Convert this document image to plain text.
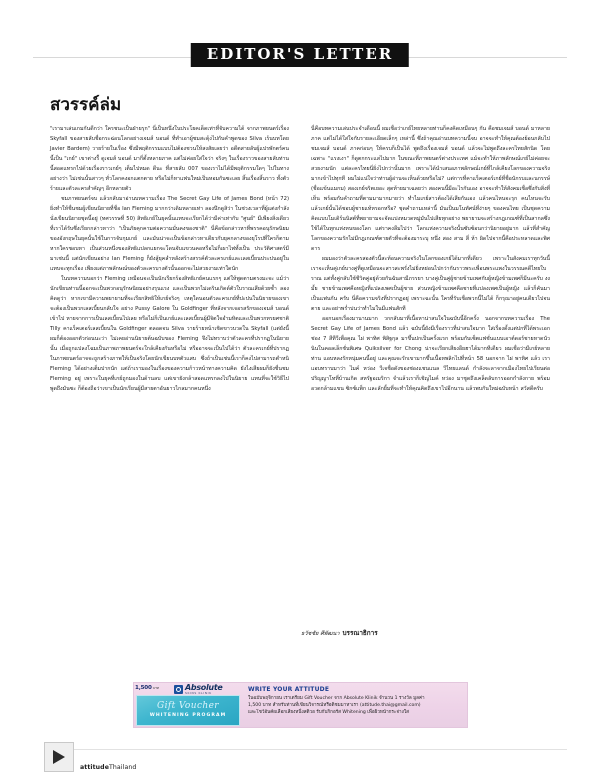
EDITOR'S LETTER
สวรรค์ล่ม

"เรามาเล่นเกมกันดีกว่า ใครชนะเป็นฝ่ายรุก" นี่เป็นหนึ่งในประโยคเด็ดเท่าที่จับความได้ จากภาพยนตร์เรื่อง Skyfall ของสายลับชื่อกระฉ่อนโลกอย่างเจมส์ บอนด์ ที่ทำเอาผู้ชมสะดุ้งไปกับคำพูดของ Silva เร้นบทโดย Javier Bardem) วายร้ายในเรื่อง ซึ่งมีพฤติกรรมแบบไม่ต้องชวนให้สงสัยเลยว่า อดีตสายลับผู้แปรพักตร์คนนี้เป็น "เกย์" เขาต่างรื้ ดูเจมส์ บอนด์ มากี่ตั้งหลายภาค แต่ไม่ค่อยใส่ใจว่า จริงๆ ในเรื่องราวของสายลับท่านนี้สอดแทรกไปด้วยเรื่องราวเกย์ๆ เต็มไปหมด ดีนะ ที่สายลับ 007 ของเราไม่ได้มีพฤติกรรมใดๆ ไปในทางอย่างว่า ไม่เช่นนั้นสาวๆ ทั่วโลกคงอกแตกตาย หรือไม่ก็หาแฟนใหม่เป็นหอมกันซะเลย สิ้นเรื่องสิ้นราว ทั้งตัวร้ายและตัวละครสำคัญๆ อีกหลายตัว

ชมภาพยนตร์จบ แล้วกลับมาอ่านบทความเรื่อง The Secret Gay Life of James Bond (หน้า 72) ยิ่งทำให้ชื่นชมผู้เขียนนิยายที่ชื่อ Ian Fleming มากกว่าเดิมหลายเท่า ลองนึกดูสิว่า ในช่วงเวลาที่ผู้แต่งกำลังนั่งเขียนนิยายชุดนี้อยู่ (ทศวรรษที่ 50) สิทธิเกย์ในยุคนั้นแทบจะเรียกได้ว่ามีค่าเท่ากับ "ศูนย์" มีเพียงสิ่งเดียวที่เราได้รับซึ่งเรียกกล่าวหาว่า "เป็นภัยคุกคามต่อความมั่นคงของชาติ" นี่คือข้อกล่าวหาที่พรรคอนุรักษนิยมของอังกฤษในยุคนั้นใช้ในการจับกุมเกย์ และมันน่าจะเป็นข้อกล่าวหาเดียวกับยุคกลางของยุโรปที่ใครก็ตามหากใครชอบหา เป็นส่วนหนึ่งของลัทธิแปลกแยกจะโดนจับแขวนคอหรือไม่ก็เผาไฟทั้งเป็น ประวัติศาสตร์มีมาเช่นนี้ แต่นักเขียนอย่าง Ian Fleming ก็ยังสู้ยุคลำหลังสร้างสรรค์ตัวละครเกย์และเลสเบี้ยนประปนอยู่ในแทบจะทุกเรื่อง เพียงแต่ภาพลักษณ์ของตัวละครบางตัวนั้นออกจะไม่สวยงามเท่าใดนัก

ในบทความบอกว่า Fleming เหมือนจะเป็นนักเรียกร้องสิทธิเกย์คนแรกๆ แต่ให้พูดตามตรงมะจะ แม้ว่านักเขียนท่านนี้ออกจะเป็นพวกอนุรักษนิยมอย่างรุนแรง และเป็นพวกไม่เดรินเกิดด์ตัวใบราณเสียด้วยซ้ำ ลองคิดดูว่า หากเขามีความพยายามที่จะเรียกสิทธิให้เกย์จริงๆ เหตุใดนอนตัวละครเกย์ที่ปะปนในนิยายของเขาจะต้องเป็นพวกเลสเบี้ยนกลับใจ อย่าง Pussy Galore ใน Goldfinger ที่หลังจากเจอรสรักของเจมส์ บอนด์ เข้าไป หายจากการเป็นเลสเบี้ยนไปเลย หรือไม่ก็เป็นเกย์และเลสเบี้ยนผู้มีจิตใจอำมหิตและเป็นพวกทรยศชาติ Tilly คาแร็คเตอร์เลสเบี้ยนใน Goldfinger ตลอดจน Silva วายร้ายหน้าเชิดขาวบวดใน Skyfall (แต่ยังนี้ผมก็ต้องออกตัวก่อนนะว่า ไม่เคยอ่านนิยายต้นฉบับของ Fleming จึงไม่ทราบว่าตัวละครที่ปรากฏในนิยายนั้น เมื่อถูกแปลงโฉมเป็นภาพภาพยนตร์จะใกล้เคียงกันหรือไม่ หรืออาจจะเป็นไปได้ว่า ตัวละครเกย์ที่ปรากฏในภาพยนตร์อาจจะถูกสร้างภาพให้เป็นจริงโดยนักเขียนบทตัวแสบ ซึ่งถ้าเป็นเช่นนี้เราก็คงไปสามารถตำหนิ Fleming ได้อย่างเต็มปากนัก แต่ถ้าเรามองในเรื่องของความก้าวหน้าทางความคิด ยังไงเสียผมก็ยังชื่นชม Fleming อยู่ เพราะในยุคที่เกย์ถูกมองในด้านลบ แต่เขายังกล้าสอดแทรกลงไปในนิยาย แทนที่จะใช้วิธีไปพูดถึงมันซะ ก็ต้องถือว่าเขาเป็นนักเรียนผู้มีสายตาอันยาวไกลมากคนหนึ่ง

นี่คือบทความเล่นประจำเดือนนี้ ผมเชื่อว่าเกย์ไทยหลายท่านก็คงคิดเหมือนๆ กัน คือชมเจมส์ บอนด์ มาหลายภาค แต่ไม่ได้ใส่ใจกับรายละเอียดเล็กๆ เหล่านี้ ซึ่งถ้าคุณอ่านบทความนี้จบ อาจจะทำให้คุณต้องย้อนกลับไปชมเจมส์ บอนด์ ภาคก่อนๆ ให้ครบก็เป็นได้ พูดถึงเรื่องเจมส์ บอนด์ แล้วจะไม่พูดถึงละครไทยสักนิด โดยเฉพาะ "แรงเงา" ก็ดูตกกระแสไปมาก ในขณะที่ภาพยนตร์ต่างประเทศ แม้จะทำให้ภาพลักษณ์เกย์ไม่ค่อยจะสวยงามนัก แต่ละครไทยนี่ยิ่งไปกว่านั้นมาก เพราะได้นำเสนอภาพลักษณ์เกย์ที่ไกล้เคียงโลกของความจริงมากเข้าไปทุกที ผมไม่แน่ใจว่าท่านผู้อ่านจะเห็นด้วยหรือไม่? แต่การที่คาแร็คเตอร์เกย์ที่ชื่อนักรบและนกรรษ์ (ชื่อแข้นแมกม) สองเกย์จริตเยอะ สุดท้ายมาเฉลยว่า สองคนนี้มีอะไรกันเอง อาจจะทำให้สังคมเชื่อซึ่งกับสิ่งที่เห็น พร้อมกับคำถามที่ตามมามากมายว่า ทำไมเกย์สาวต้องได้เสียกันเอง แล้วคนไหนจะรุก คนไหนจะรับ แล้วเกย์นั้นได้ชอบผู้ชายแท้หรอกหรือ? ชุดคำถามเหล่านี้ มันเป็นมโนทัศน์ที่ง่ายๆ ของคนไทย เป็นชุดความคิดแบบโมเดิร์นนิสต์ที่พยายามจะจัดแบ่งหมวดหมู่มันไปเสียทุกอย่าง พยายามจะสร้างกฎเกณฑ์ที่เป็นสากลซึ่งใช้ได้ในทุกแห่งหนของโลก แต่ราคงลืมไปว่า โลกแห่งความจริงนั้นซับซ้อนกว่านิยายอยู่มาก แล้วที่สำคัญโลกของความรักไม่มีกฎเกณฑ์ตายตัวที่จะต้องมาระบุ หนึ่ง สอง สาม สี่ ห้า ผิดไปจากนี้คือประหลาดและพิศดาร

ผมมองว่าตัวละครสองตัวนี้สะท้อนความจริงในโลกของเกย์ได้มากที่เดียว เพราะในสังคมเราทุกวันนี้ เราจะเห็นคู่เกย์บางคู่ที่ดูเหมือนจะสาวสะพรั่งไม่ยิ่งหย่อนไปกว่ากันราวพระเพื่อนพระแพงในวรรณคดีไทยใบราณ แต่ทั้งคู่กลับใช้ชีวิตคู่อยู่ด้วยกันฉันสามีภรรยา บางคู่เป็นคู่ผู้ชายข้ามเพศกับผู้หญิงข้ามเพศก็มีนะครับ งงมั้ย ชายข้ามเพศคือหญิงที่แปลงเพศเป็นผู้ชาย ส่วนหญิงข้ามเพศคือชายที่แปลงเพศเป็นผู้หญิง แล้วก็คันมาเป็นแฟนกัน ครับ นี่คือความจริงที่ปรากฏอยู่ เพราะฉะนั้น ใครที่รับเชื่อพวกนี้ไม่ได้ ก็กรุณาอยู่คนเดียวไปจนตาย และอย่าพร่ำบ่นว่าทำไมในมีแฟนสักที

ออกนอกเรื่องมานานมาก วกกลับมาที่เนื้อหาน่าสนใจในฉบับนี้อีกครั้ง นอกจากบทความเรื่อง The Secret Gay Life of James Bond แล้ว ฉบับนี้ยังมีเรื่องราวที่น่าสนใจมาก ใส่เรื่องดั้งแต่ปกที่ได้พระเอกช่อง 7 สีทีวีเพื่อคุณ ไผ่ พาทิศ พิสิฐกุล มาขึ้นปกเป็นครั้งแรก พร้อมกับเซ็ตแฟชั่นแบบเอาต์ดอร์ชายหาดนัวนินในคอลเล็กชั่นพิเศษ Quiksilver for Chong น่าจะเรียกเสียงอืยฮาได้มากทีเดียว ผมเชื่อว่ามีเกย์หลายท่าน แอบหลงรักหนุ่มคนนี้อยู่ และคุณจะรักเขามากขึ้นเนื้อหพลิกไปที่หน้า 58 นอกจาก ไผ่ พาทิศ แล้ว เราแอบทราบมาว่า ไมค์ หว่อง วีเจชื่อดังของช่องแชนแนล วีไทยแลนด์ กำลังจะลาจากเมืองไทยไปเรียนต่อปริญญาโทที่บ้านเกิด สหรัฐอเมริกา จำแล้วเราก็เชิญไมค์ หว่อง มาชูดถึงเคล็ดลับการออกกำลังกาย พร้อมอวดกล้ามแขน ซิกซ์แพ็ก และลักยิ้มที่จะทำให้คุณคิดถึงเขาไปอีกนาน แล้วพบกันใหม่ฉบับหน้า สวัสดีครับ

ธวัชชัย ศีพัฒนา บรรณาธิการ
1,500บาท	Absolute
SKINS KLINIK
Gift Voucher
WHITENING PROGRAM
WRITE YOUR ATTITUDE
ในฉบับพฤจิกายน เราเตรียม Gift Voucher จาก Absolute Klinik จำนวน 1 รางวัล มูลค่า
1,500 บาท สำหรับท่านที่เขียนวิจารณ์หรือติชมมาหาเรา (attitude.thai@gmail.com)
และโชว์อันค์ผเลือกเสียงหนึ่งสติวอ รับกับกิกอร์ส Whitening เพื่อผิวหน้ากระจ่างใส
attitudeThailand
